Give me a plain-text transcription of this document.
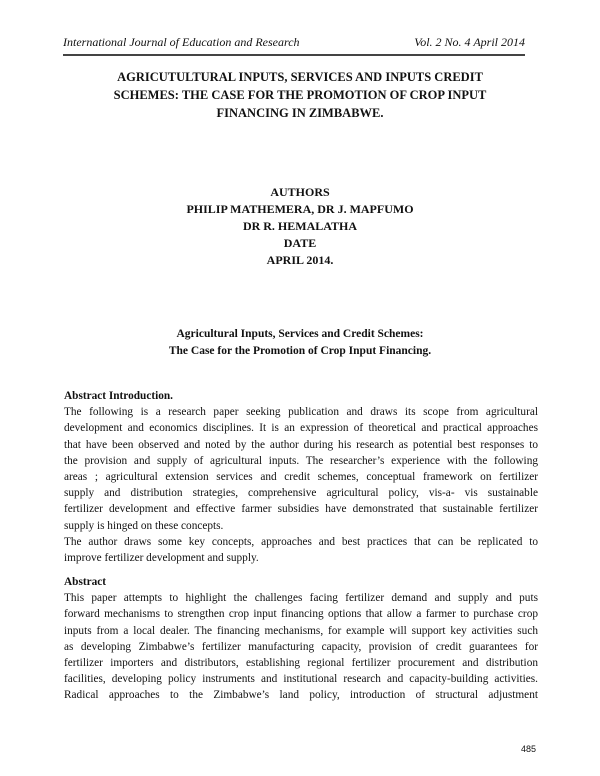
International Journal of Education and Research	Vol. 2 No. 4 April 2014
AGRICUTULTURAL INPUTS, SERVICES AND INPUTS CREDIT
SCHEMES: THE CASE FOR THE PROMOTION OF CROP INPUT
FINANCING IN ZIMBABWE.
AUTHORS
PHILIP MATHEMERA, DR J. MAPFUMO
DR R. HEMALATHA
DATE
APRIL 2014.
Agricultural Inputs, Services and Credit Schemes:
The Case for the Promotion of Crop Input Financing.
Abstract Introduction.
The following is a research paper seeking publication and draws its scope from agricultural
development and economics disciplines. It is an expression of theoretical and practical approaches
that have been observed and noted by the author during his research as potential best responses to
the provision and supply of agricultural inputs. The researcher’s experience with the following
areas ; agricultural extension services and credit schemes, conceptual framework on fertilizer
supply and distribution strategies, comprehensive agricultural policy, vis-a- vis sustainable
fertilizer development and effective farmer subsidies have demonstrated that sustainable fertilizer
supply is hinged on these concepts.
The author draws some key concepts, approaches and best practices that can be replicated to
improve fertilizer development and supply.
Abstract
This paper attempts to highlight the challenges facing fertilizer demand and supply and puts
forward mechanisms to strengthen crop input financing options that allow a farmer to purchase crop
inputs from a local dealer. The financing mechanisms, for example will support key activities such
as developing Zimbabwe’s fertilizer manufacturing capacity, provision of credit guarantees for
fertilizer importers and distributors, establishing regional fertilizer procurement and distribution
facilities, developing policy instruments and institutional research and capacity-building activities.
Radical approaches to the Zimbabwe’s land policy, introduction of structural adjustment
485
